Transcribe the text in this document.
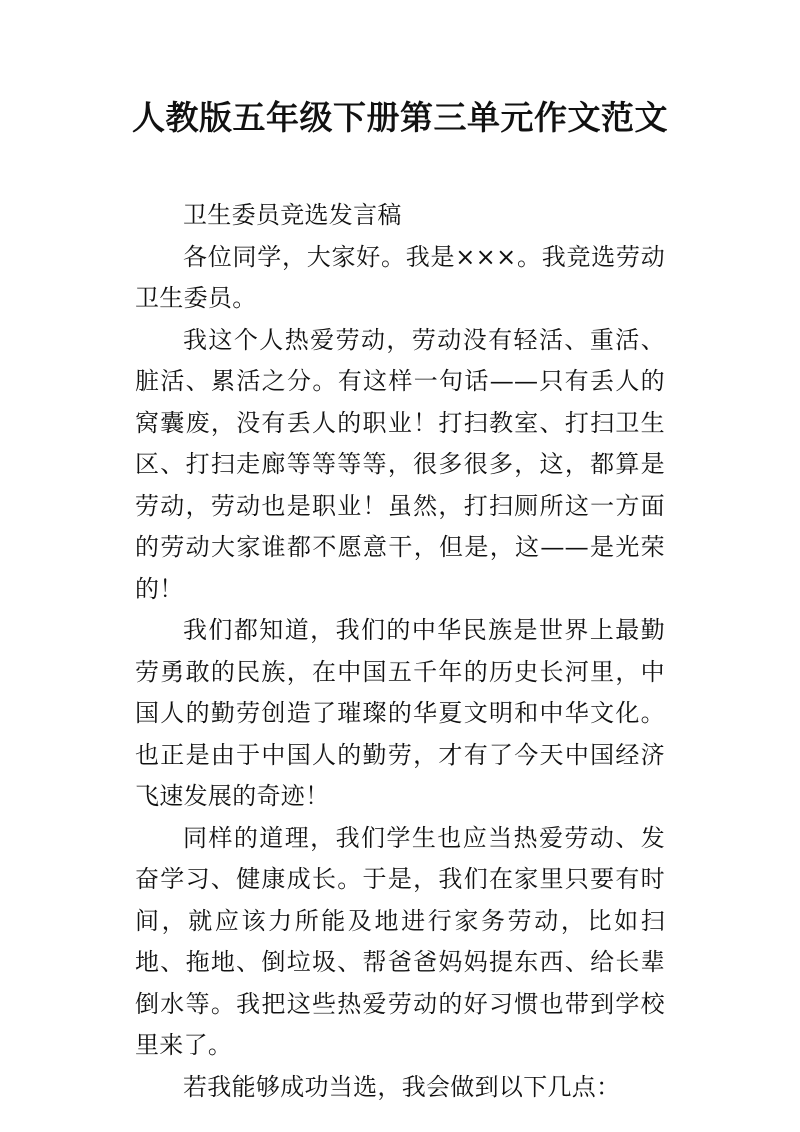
人教版五年级下册第三单元作文范文

卫生委员竞选发言稿

各位同学，大家好。我是×××。我竞选劳动卫生委员。

我这个人热爱劳动，劳动没有轻活、重活、脏活、累活之分。有这样一句话——只有丢人的窝囊废，没有丢人的职业！打扫教室、打扫卫生区、打扫走廊等等等等，很多很多，这，都算是劳动，劳动也是职业！虽然，打扫厕所这一方面的劳动大家谁都不愿意干，但是，这——是光荣的！

我们都知道，我们的中华民族是世界上最勤劳勇敢的民族，在中国五千年的历史长河里，中国人的勤劳创造了璀璨的华夏文明和中华文化。也正是由于中国人的勤劳，才有了今天中国经济飞速发展的奇迹！

同样的道理，我们学生也应当热爱劳动、发奋学习、健康成长。于是，我们在家里只要有时间，就应该力所能及地进行家务劳动，比如扫地、拖地、倒垃圾、帮爸爸妈妈提东西、给长辈倒水等。我把这些热爱劳动的好习惯也带到学校里来了。

若我能够成功当选，我会做到以下几点：
